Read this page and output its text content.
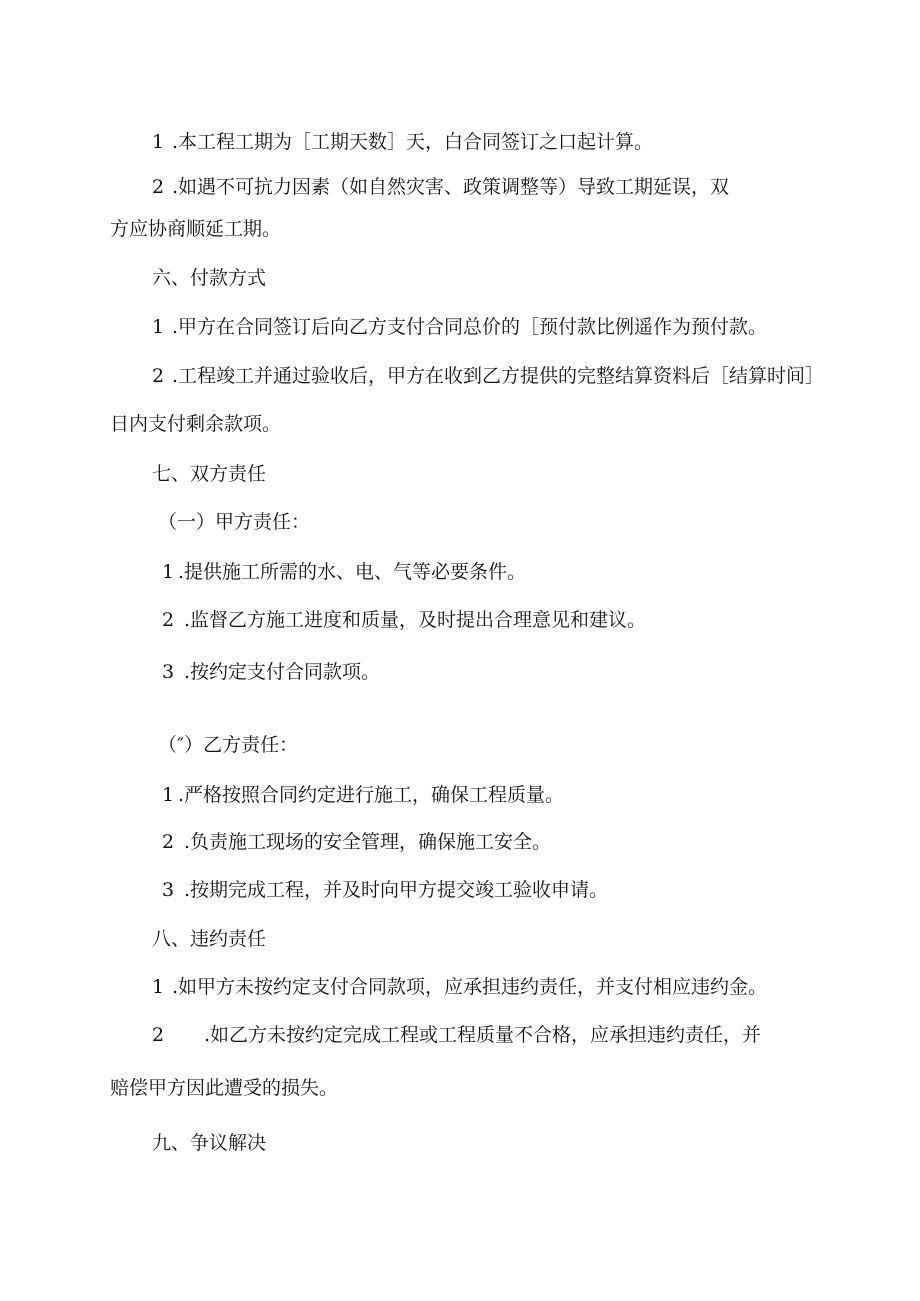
1 .本工程工期为［工期天数］天，白合同签订之口起计算。
2 .如遇不可抗力因素（如自然灾害、政策调整等）导致工期延误，双
方应协商顺延工期。
六、付款方式
1 .甲方在合同签订后向乙方支付合同总价的［预付款比例遥作为预付款。
2 .工程竣工并通过验收后，甲方在收到乙方提供的完整结算资料后［结算时间］
日内支付剩余款项。
七、双方责任
（一）甲方责任：
1 .提供施工所需的水、电、气等必要条件。
2 .监督乙方施工进度和质量，及时提出合理意见和建议。
3 .按约定支付合同款项。
（″）乙方责任：
1 .严格按照合同约定进行施工，确保工程质量。
2 .负责施工现场的安全管理，确保施工安全。
3 .按期完成工程，并及时向甲方提交竣工验收申请。
八、违约责任
1 .如甲方未按约定支付合同款项，应承担违约责任，并支付相应违约金。
2 .如乙方未按约定完成工程或工程质量不合格，应承担违约责任，并
赔偿甲方因此遭受的损失。
九、争议解决
